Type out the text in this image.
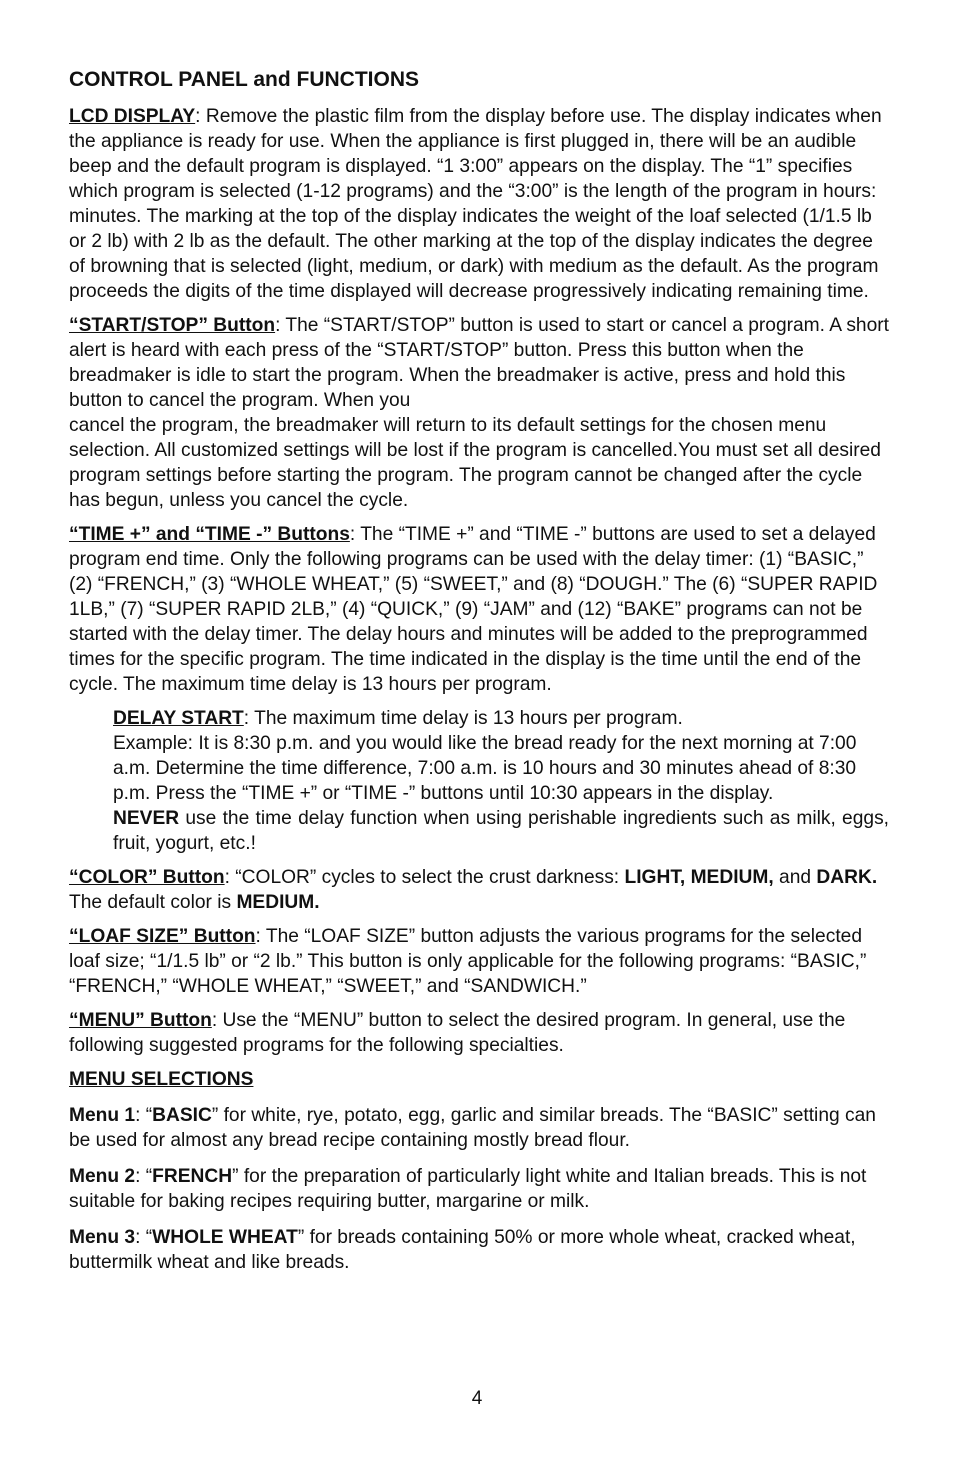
CONTROL PANEL and FUNCTIONS
LCD DISPLAY: Remove the plastic film from the display before use. The display indicates when the appliance is ready for use. When the appliance is first plugged in, there will be an audible beep and the default program is displayed. “1 3:00” appears on the display. The “1” specifies which program is selected (1-12 programs) and the “3:00” is the length of the program in hours: minutes. The marking at the top of the display indicates the weight of the loaf selected (1/1.5 lb or 2 lb) with 2 lb as the default. The other marking at the top of the display indicates the degree of browning that is selected (light, medium, or dark) with medium as the default. As the program proceeds the digits of the time displayed will decrease progressively indicating remaining time.
“START/STOP” Button: The “START/STOP” button is used to start or cancel a program. A short alert is heard with each press of the “START/STOP” button. Press this button when the breadmaker is idle to start the program. When the breadmaker is active, press and hold this button to cancel the program. When you
cancel the program, the breadmaker will return to its default settings for the chosen menu selection. All customized settings will be lost if the program is cancelled.You must set all desired program settings before starting the program. The program cannot be changed after the cycle has begun, unless you cancel the cycle.
“TIME +” and “TIME -” Buttons: The “TIME +” and “TIME -” buttons are used to set a delayed program end time. Only the following programs can be used with the delay timer: (1) “BASIC,” (2) “FRENCH,” (3) “WHOLE WHEAT,” (5) “SWEET,” and (8) “DOUGH.” The (6) “SUPER RAPID 1LB,” (7) “SUPER RAPID 2LB,” (4) “QUICK,” (9) “JAM” and (12) “BAKE” programs can not be started with the delay timer. The delay hours and minutes will be added to the preprogrammed times for the specific program. The time indicated in the display is the time until the end of the cycle. The maximum time delay is 13 hours per program.
DELAY START: The maximum time delay is 13 hours per program.
Example: It is 8:30 p.m. and you would like the bread ready for the next morning at 7:00 a.m. Determine the time difference, 7:00 a.m. is 10 hours and 30 minutes ahead of 8:30 p.m. Press the “TIME +” or “TIME -” buttons until 10:30 appears in the display.
NEVER use the time delay function when using perishable ingredients such as milk, eggs, fruit, yogurt, etc.!
“COLOR” Button: “COLOR” cycles to select the crust darkness: LIGHT, MEDIUM, and DARK. The default color is MEDIUM.
“LOAF SIZE” Button: The “LOAF SIZE” button adjusts the various programs for the selected loaf size; “1/1.5 lb” or “2 lb.” This button is only applicable for the following programs: “BASIC,” “FRENCH,” “WHOLE WHEAT,” “SWEET,” and “SANDWICH.”
“MENU” Button: Use the “MENU” button to select the desired program. In general, use the following suggested programs for the following specialties.
MENU SELECTIONS
Menu 1: “BASIC” for white, rye, potato, egg, garlic and similar breads. The “BASIC” setting can be used for almost any bread recipe containing mostly bread flour.
Menu 2: “FRENCH” for the preparation of particularly light white and Italian breads. This is not suitable for baking recipes requiring butter, margarine or milk.
Menu 3: “WHOLE WHEAT” for breads containing 50% or more whole wheat, cracked wheat, buttermilk wheat and like breads.
4
